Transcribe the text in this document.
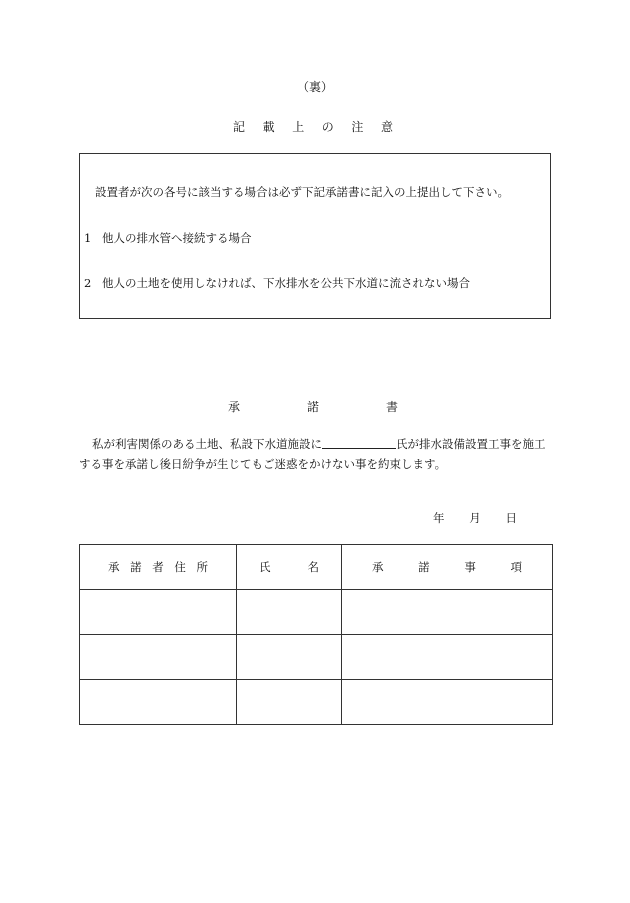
（裏）
記 載 上 の 注 意
設置者が次の各号に該当する場合は必ず下記承諾書に記入の上提出して下さい。
1 他人の排水管へ接続する場合
2 他人の土地を使用しなければ、下水排水を公共下水道に流されない場合
承	諾	書
私が利害関係のある土地、私設下水道施設に	氏が排水設備設置工事を施工する事を承諾し後日紛争が生じてもご迷惑をかけない事を約束します。
年 月 日
承 諾 者 住 所	氏 名	承 諾 事 項
